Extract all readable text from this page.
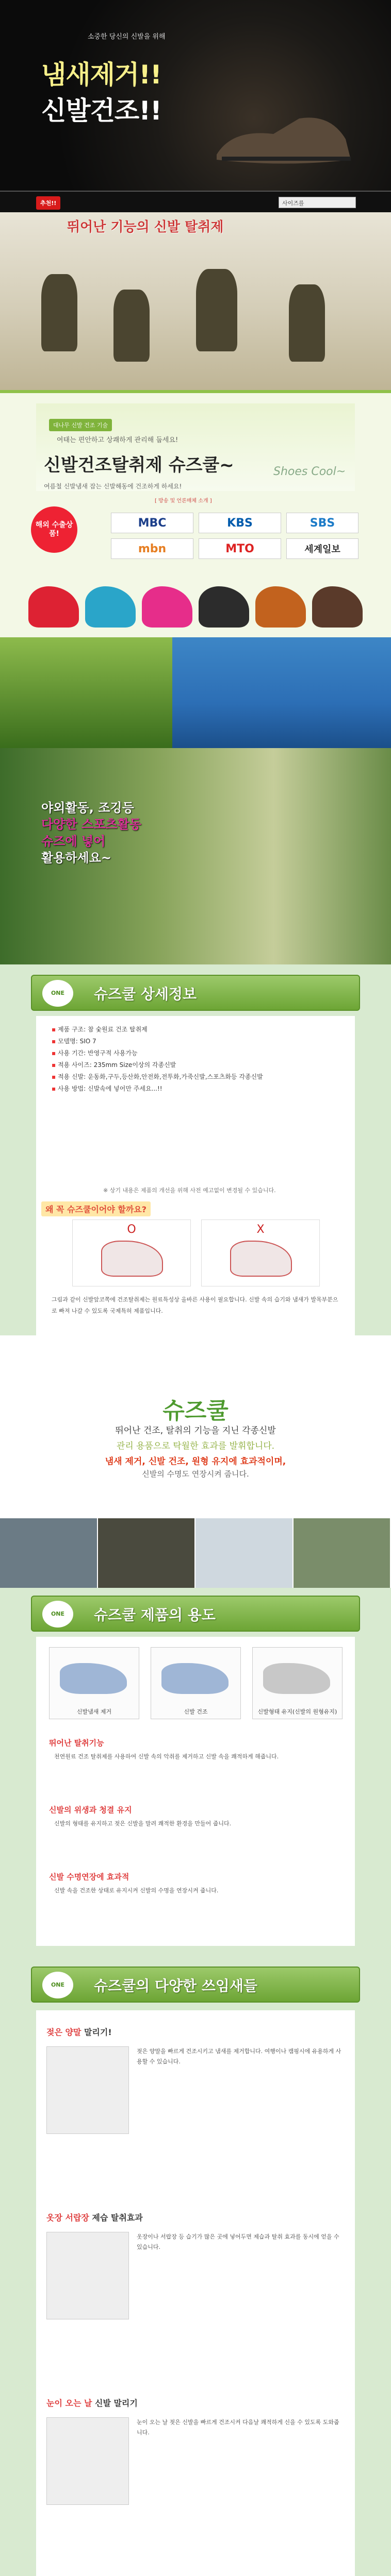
소중한 당신의 신발을 위해
냄새제거!!
신발건조!!
추천!!	사이즈를
뛰어난 기능의 신발 탈취제
대나무 신발 건조 기술
여태는 편안하고 상쾌하게 관리해 둡세요!
신발건조탈취제 슈즈쿨~	Shoes Cool~
여름철 신발냄새 잡는 신발해동에 건조하게 하세요!
[ 방송 및 언론매체 소개 ]
해외 수출상품!
MBC	KBS	SBS
mbn	MTO	세계일보
야외활동, 조깅등
다양한 스포츠활동
슈즈에 넣어
활용하세요~
ONE	슈즈쿨 상세정보
▪ 제품 구조: 참 숯원료 건조 탈취제
▪ 모델명: SIO 7
▪ 사용 기간: 반영구적 사용가능
▪ 적용 사이즈: 235mm Size이상의 각종신발
▪ 적용 신발: 운동화,구두,등산화,안전화,전투화,가죽신발,스포츠화등 각종신발
▪ 사용 방법: 신발속에 넣어만 주세요...!!
※ 상기 내용은 제품의 개선을 위해 사전 예고없이 변경될 수 있습니다.
왜 꼭 슈즈쿨이어야 할까요?
O	X
그림과 같이 신발앞코쪽에 건조탈취제는 원료특성상 올바른 사용이 필요합니다. 신발 속의 습기와 냄새가 발목부분으로 빠져 나갈 수 있도록 국제특허 제품입니다.
슈즈쿨
뛰어난 건조, 탈취의 기능을 지닌 각종신발
관리 용품으로 탁월한 효과를 발휘합니다.
냄새 제거, 신발 건조, 원형 유지에 효과적이며,
신발의 수명도 연장시켜 줍니다.
ONE	슈즈쿨 제품의 용도
신발냄새 제거	신발 건조	신발형태 유지(신발의 원형유지)
뛰어난 탈취기능
천연원료 건조 탈취제를 사용하여 신발 속의 악취를 제거하고 신발 속을 쾌적하게 해줍니다.
신발의 위생과 청결 유지
신발의 형태를 유지하고 젖은 신발을 말려 쾌적한 환경을 만들어 줍니다.
신발 수명연장에 효과적
신발 속을 건조한 상태로 유지시켜 신발의 수명을 연장시켜 줍니다.
ONE	슈즈쿨의 다양한 쓰임새들
젖은 양말 말리기!
젖은 양말을 빠르게 건조시키고 냄새를 제거합니다. 여행이나 캠핑시에 유용하게 사용할 수 있습니다.
옷장 서랍장 제습 탈취효과
옷장이나 서랍장 등 습기가 많은 곳에 넣어두면 제습과 탈취 효과를 동시에 얻을 수 있습니다.
눈이 오는 날 신발 말리기
눈이 오는 날 젖은 신발을 빠르게 건조시켜 다음날 쾌적하게 신을 수 있도록 도와줍니다.
